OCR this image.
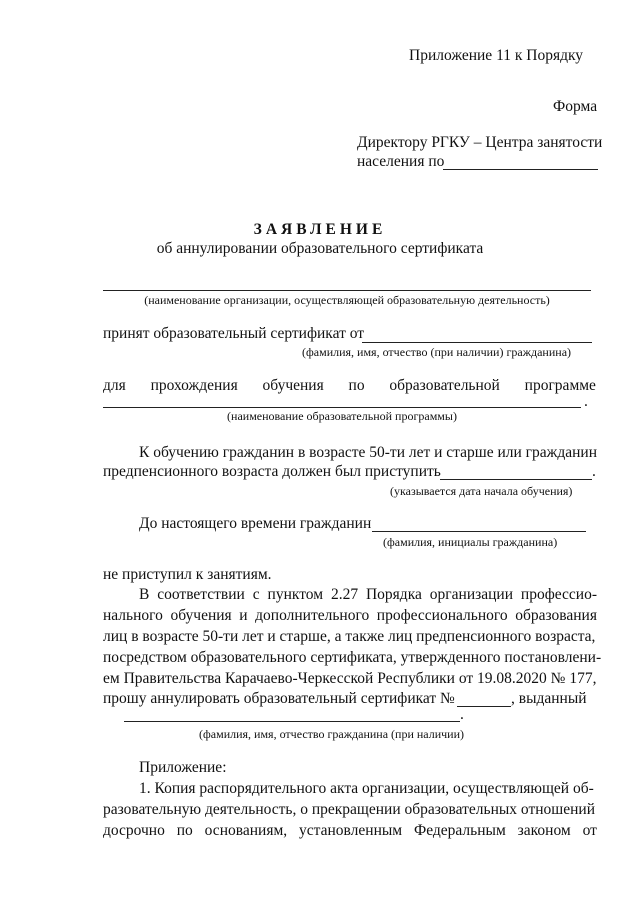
Приложение 11 к Порядку
Форма
Директору РГКУ – Центра занятости
населения по
ЗАЯВЛЕНИЕ
об аннулировании образовательного сертификата
(наименование организации, осуществляющей образовательную деятельность)
принят образовательный сертификат от
(фамилия, имя, отчество (при наличии) гражданина)
для прохождения обучения по образовательной программе
.
(наименование образовательной программы)
К обучению гражданин в возрасте 50-ти лет и старше или гражданин
предпенсионного возраста должен был приступить	.
(указывается дата начала обучения)
До настоящего времени гражданин
(фамилия, инициалы гражданина)
не приступил к занятиям.
В соответствии с пунктом 2.27 Порядка организации профессио-
нального обучения и дополнительного профессионального образования
лиц в возрасте 50-ти лет и старше, а также лиц предпенсионного возраста,
посредством образовательного сертификата, утвержденного постановлени-
ем Правительства Карачаево-Черкесской Республики от 19.08.2020 № 177,
прошу аннулировать образовательный сертификат №	, выданный
.
(фамилия, имя, отчество гражданина (при наличии)
Приложение:
1. Копия распорядительного акта организации, осуществляющей об-
разовательную деятельность, о прекращении образовательных отношений
досрочно по основаниям, установленным Федеральным законом от
